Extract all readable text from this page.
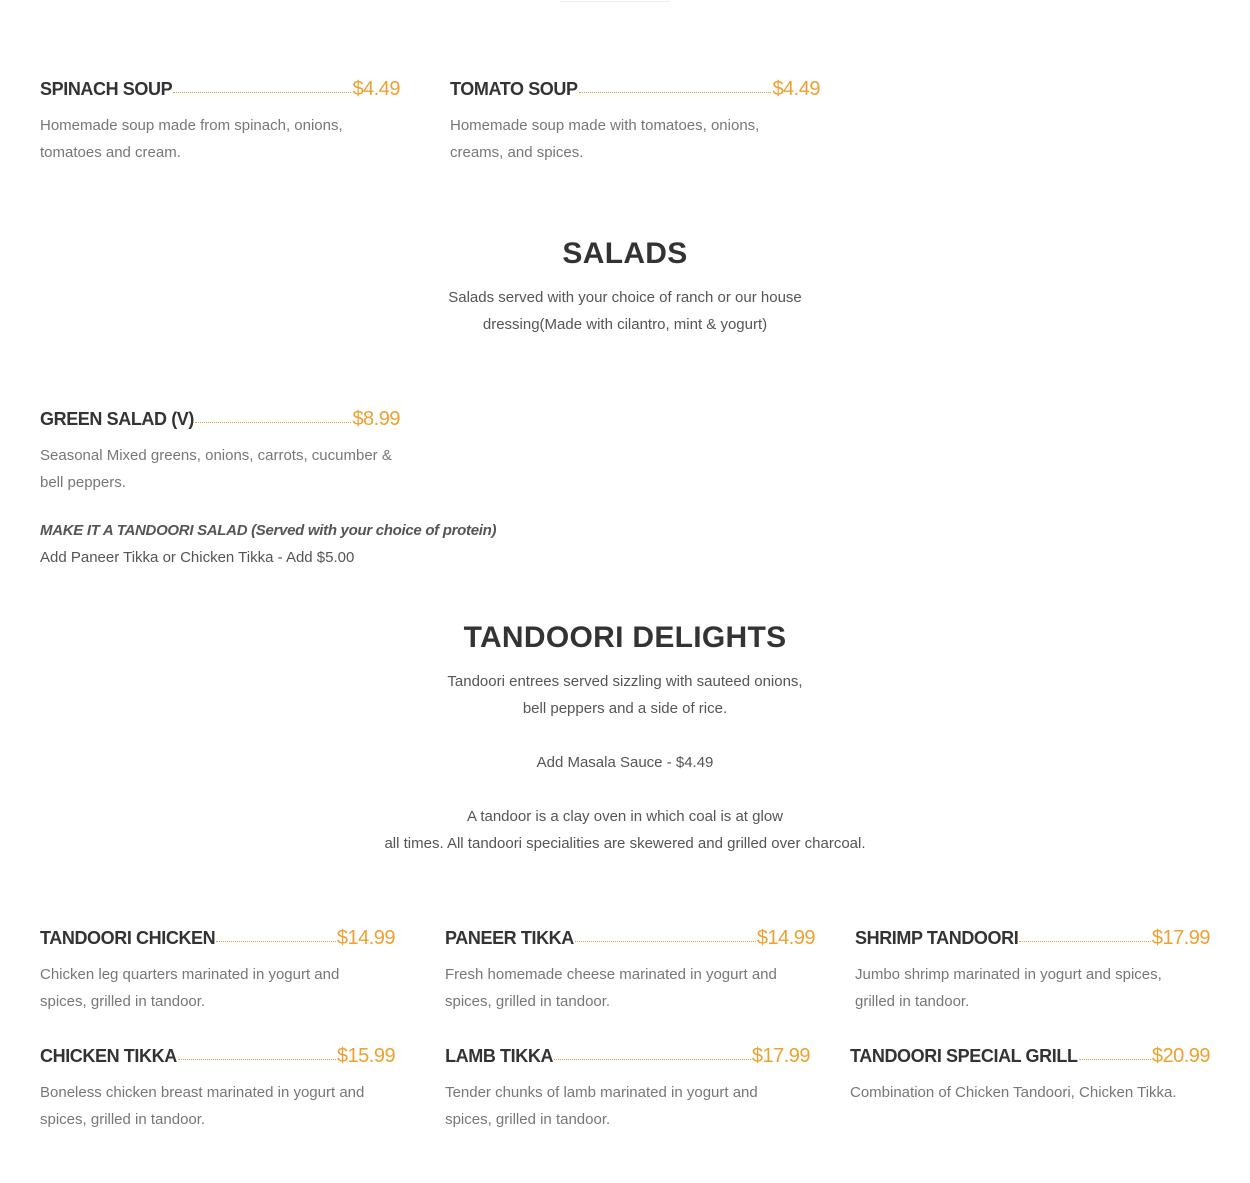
SPINACH SOUP	$4.49
Homemade soup made from spinach, onions, tomatoes and cream.
TOMATO SOUP	$4.49
Homemade soup made with tomatoes, onions, creams, and spices.
SALADS
Salads served with your choice of ranch or our house dressing(Made with cilantro, mint & yogurt)
GREEN SALAD (V)	$8.99
Seasonal Mixed greens, onions, carrots, cucumber & bell peppers.
MAKE IT A TANDOORI SALAD (Served with your choice of protein)
Add Paneer Tikka or Chicken Tikka - Add $5.00
TANDOORI DELIGHTS
Tandoori entrees served sizzling with sauteed onions, bell peppers and a side of rice.
Add Masala Sauce - $4.49
A tandoor is a clay oven in which coal is at glow
all times. All tandoori specialities are skewered and grilled over charcoal.
TANDOORI CHICKEN	$14.99
Chicken leg quarters marinated in yogurt and spices, grilled in tandoor.
PANEER TIKKA	$14.99
Fresh homemade cheese marinated in yogurt and spices, grilled in tandoor.
SHRIMP TANDOORI	$17.99
Jumbo shrimp marinated in yogurt and spices, grilled in tandoor.
CHICKEN TIKKA	$15.99
Boneless chicken breast marinated in yogurt and spices, grilled in tandoor.
LAMB TIKKA	$17.99
Tender chunks of lamb marinated in yogurt and spices, grilled in tandoor.
TANDOORI SPECIAL GRILL	$20.99
Combination of Chicken Tandoori, Chicken Tikka.
